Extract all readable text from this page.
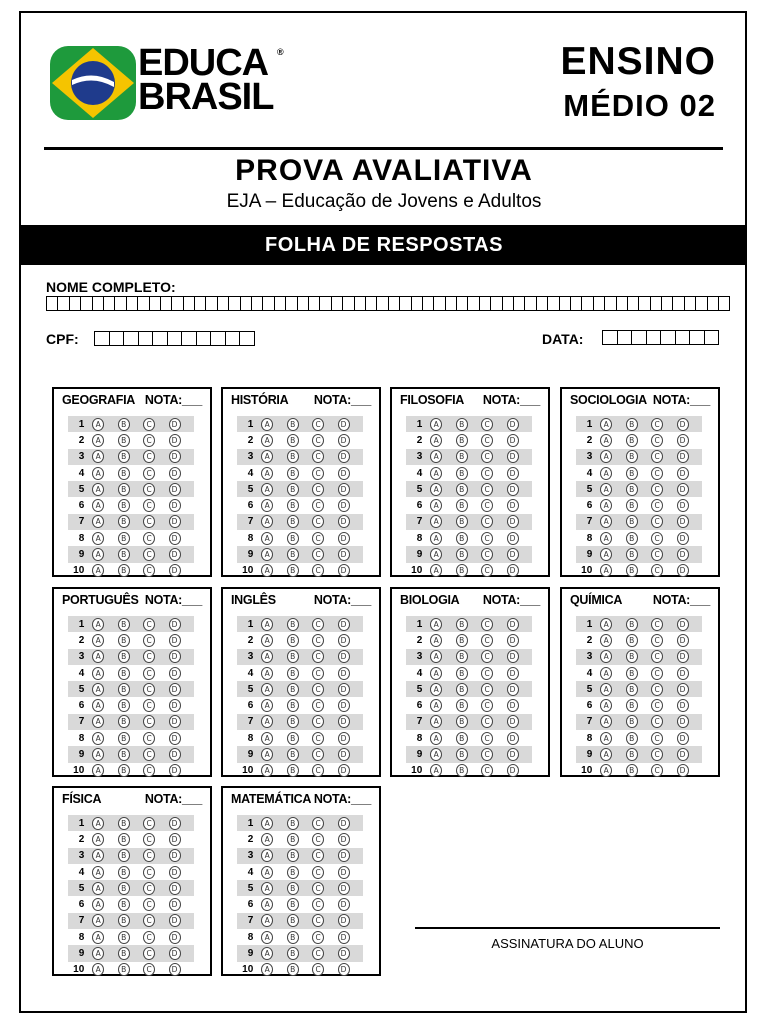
EDUCA
BRASIL
®	ENSINO
MÉDIO 02
PROVA AVALIATIVA
EJA – Educação de Jovens e Adultos
FOLHA DE RESPOSTAS
NOME COMPLETO:
CPF:	DATA:
GEOGRAFIA NOTA:___
1	A	B	C	D
2	A	B	C	D
3	A	B	C	D
4	A	B	C	D
5	A	B	C	D
6	A	B	C	D
7	A	B	C	D
8	A	B	C	D
9	A	B	C	D
10	A	B	C	D
HISTÓRIA NOTA:___
1	A	B	C	D
2	A	B	C	D
3	A	B	C	D
4	A	B	C	D
5	A	B	C	D
6	A	B	C	D
7	A	B	C	D
8	A	B	C	D
9	A	B	C	D
10	A	B	C	D
FILOSOFIA NOTA:___
1	A	B	C	D
2	A	B	C	D
3	A	B	C	D
4	A	B	C	D
5	A	B	C	D
6	A	B	C	D
7	A	B	C	D
8	A	B	C	D
9	A	B	C	D
10	A	B	C	D
SOCIOLOGIA NOTA:___
1	A	B	C	D
2	A	B	C	D
3	A	B	C	D
4	A	B	C	D
5	A	B	C	D
6	A	B	C	D
7	A	B	C	D
8	A	B	C	D
9	A	B	C	D
10	A	B	C	D
PORTUGUÊS NOTA:___
1	A	B	C	D
2	A	B	C	D
3	A	B	C	D
4	A	B	C	D
5	A	B	C	D
6	A	B	C	D
7	A	B	C	D
8	A	B	C	D
9	A	B	C	D
10	A	B	C	D
INGLÊS	NOTA:___
1	A	B	C	D
2	A	B	C	D
3	A	B	C	D
4	A	B	C	D
5	A	B	C	D
6	A	B	C	D
7	A	B	C	D
8	A	B	C	D
9	A	B	C	D
10	A	B	C	D
BIOLOGIA NOTA:___
1	A	B	C	D
2	A	B	C	D
3	A	B	C	D
4	A	B	C	D
5	A	B	C	D
6	A	B	C	D
7	A	B	C	D
8	A	B	C	D
9	A	B	C	D
10	A	B	C	D
QUÍMICA NOTA:___
1	A	B	C	D
2	A	B	C	D
3	A	B	C	D
4	A	B	C	D
5	A	B	C	D
6	A	B	C	D
7	A	B	C	D
8	A	B	C	D
9	A	B	C	D
10	A	B	C	D
FÍSICA	NOTA:___
1	A	B	C	D
2	A	B	C	D
3	A	B	C	D
4	A	B	C	D
5	A	B	C	D
6	A	B	C	D
7	A	B	C	D
8	A	B	C	D
9	A	B	C	D
10	A	B	C	D
MATEMÁTICA NOTA:___
1	A	B	C	D
2	A	B	C	D
3	A	B	C	D
4	A	B	C	D
5	A	B	C	D
6	A	B	C	D
7	A	B	C	D
8	A	B	C	D
9	A	B	C	D
10	A	B	C	D
ASSINATURA DO ALUNO
